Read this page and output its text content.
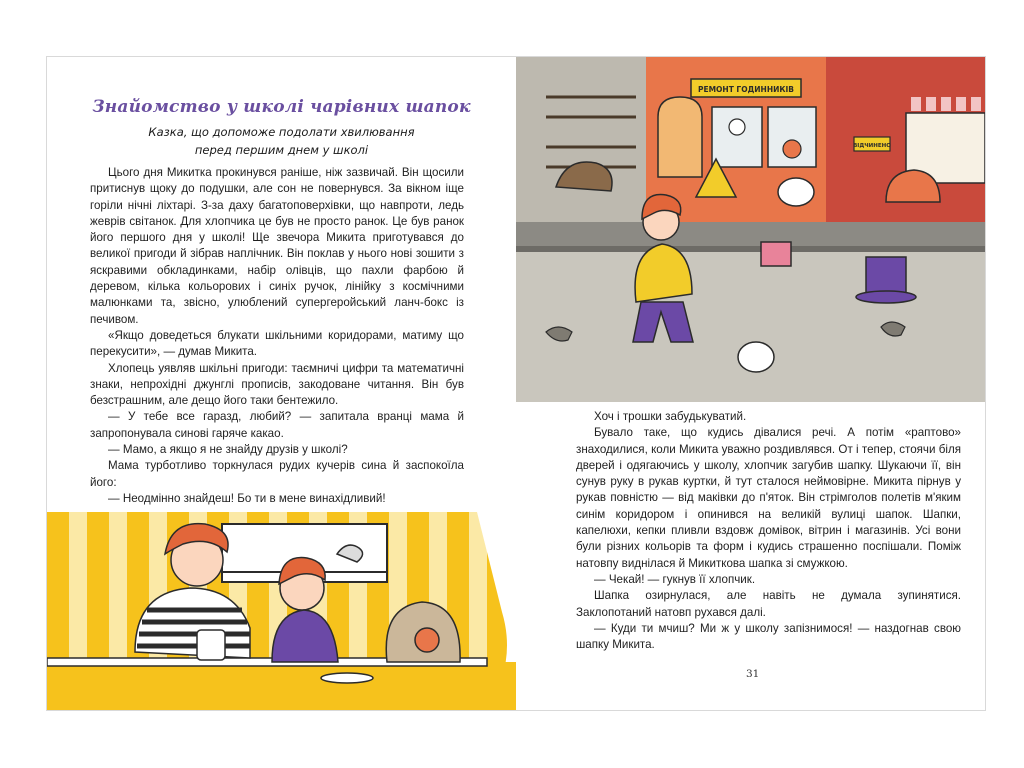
Знайомство у школі чарівних шапок
Казка, що допоможе подолати хвилювання
перед першим днем у школі

Цього дня Микитка прокинувся раніше, ніж зазвичай. Він щосили притиснув щоку до подушки, але сон не повернувся. За вікном іще горіли нічні ліхтарі. З-за даху багатоповерхівки, що навпроти, ледь жеврів світанок. Для хлопчика це був не просто ранок. Це був ранок його першого дня у школі! Ще звечора Микита приготувався до великої пригоди й зібрав наплічник. Він поклав у нього нові зошити з яскравими обкладинками, набір олівців, що пахли фарбою й деревом, кілька кольорових і синіх ручок, лінійку з космічними малюнками та, звісно, улюблений супергеройський ланч-бокс із печивом.

«Якщо доведеться блукати шкільними коридорами, матиму що перекусити», — думав Микита.

Хлопець уявляв шкільні пригоди: таємничі цифри та математичні знаки, непрохідні джунглі прописів, закодоване читання. Він був безстрашним, але дещо його таки бентежило.

— У тебе все гаразд, любий? — запитала вранці мама й запропонувала синові гаряче какао.

— Мамо, а якщо я не знайду друзів у школі?

Мама турботливо торкнулася рудих кучерів сина й заспокоїла його:

— Неодмінно знайдеш! Бо ти в мене винахідливий!

РЕМОНТ ГОДИННИКІВ
ВІДЧИНЕНО

Хоч і трошки забудькуватий.

Бувало таке, що кудись дівалися речі. А потім «раптово» знаходилися, коли Микита уважно роздивлявся. От і тепер, стоячи біля дверей і одягаючись у школу, хлопчик загубив шапку. Шукаючи її, він сунув руку в рукав куртки, й тут сталося неймовірне. Микита пірнув у рукав повністю — від маківки до п'яток. Він стрімголов полетів м'яким синім коридором і опинився на великій вулиці шапок. Шапки, капелюхи, кепки пливли вздовж домівок, вітрин і магазинів. Усі вони були різних кольорів та форм і кудись страшенно поспішали. Поміж натовпу виднілася й Микиткова шапка зі смужкою.

— Чекай! — гукнув її хлопчик.

Шапка озирнулася, але навіть не думала зупинятися. Заклопотаний натовп рухався далі.

— Куди ти мчиш? Ми ж у школу запізнимося! — наздогнав свою шапку Микита.

31
